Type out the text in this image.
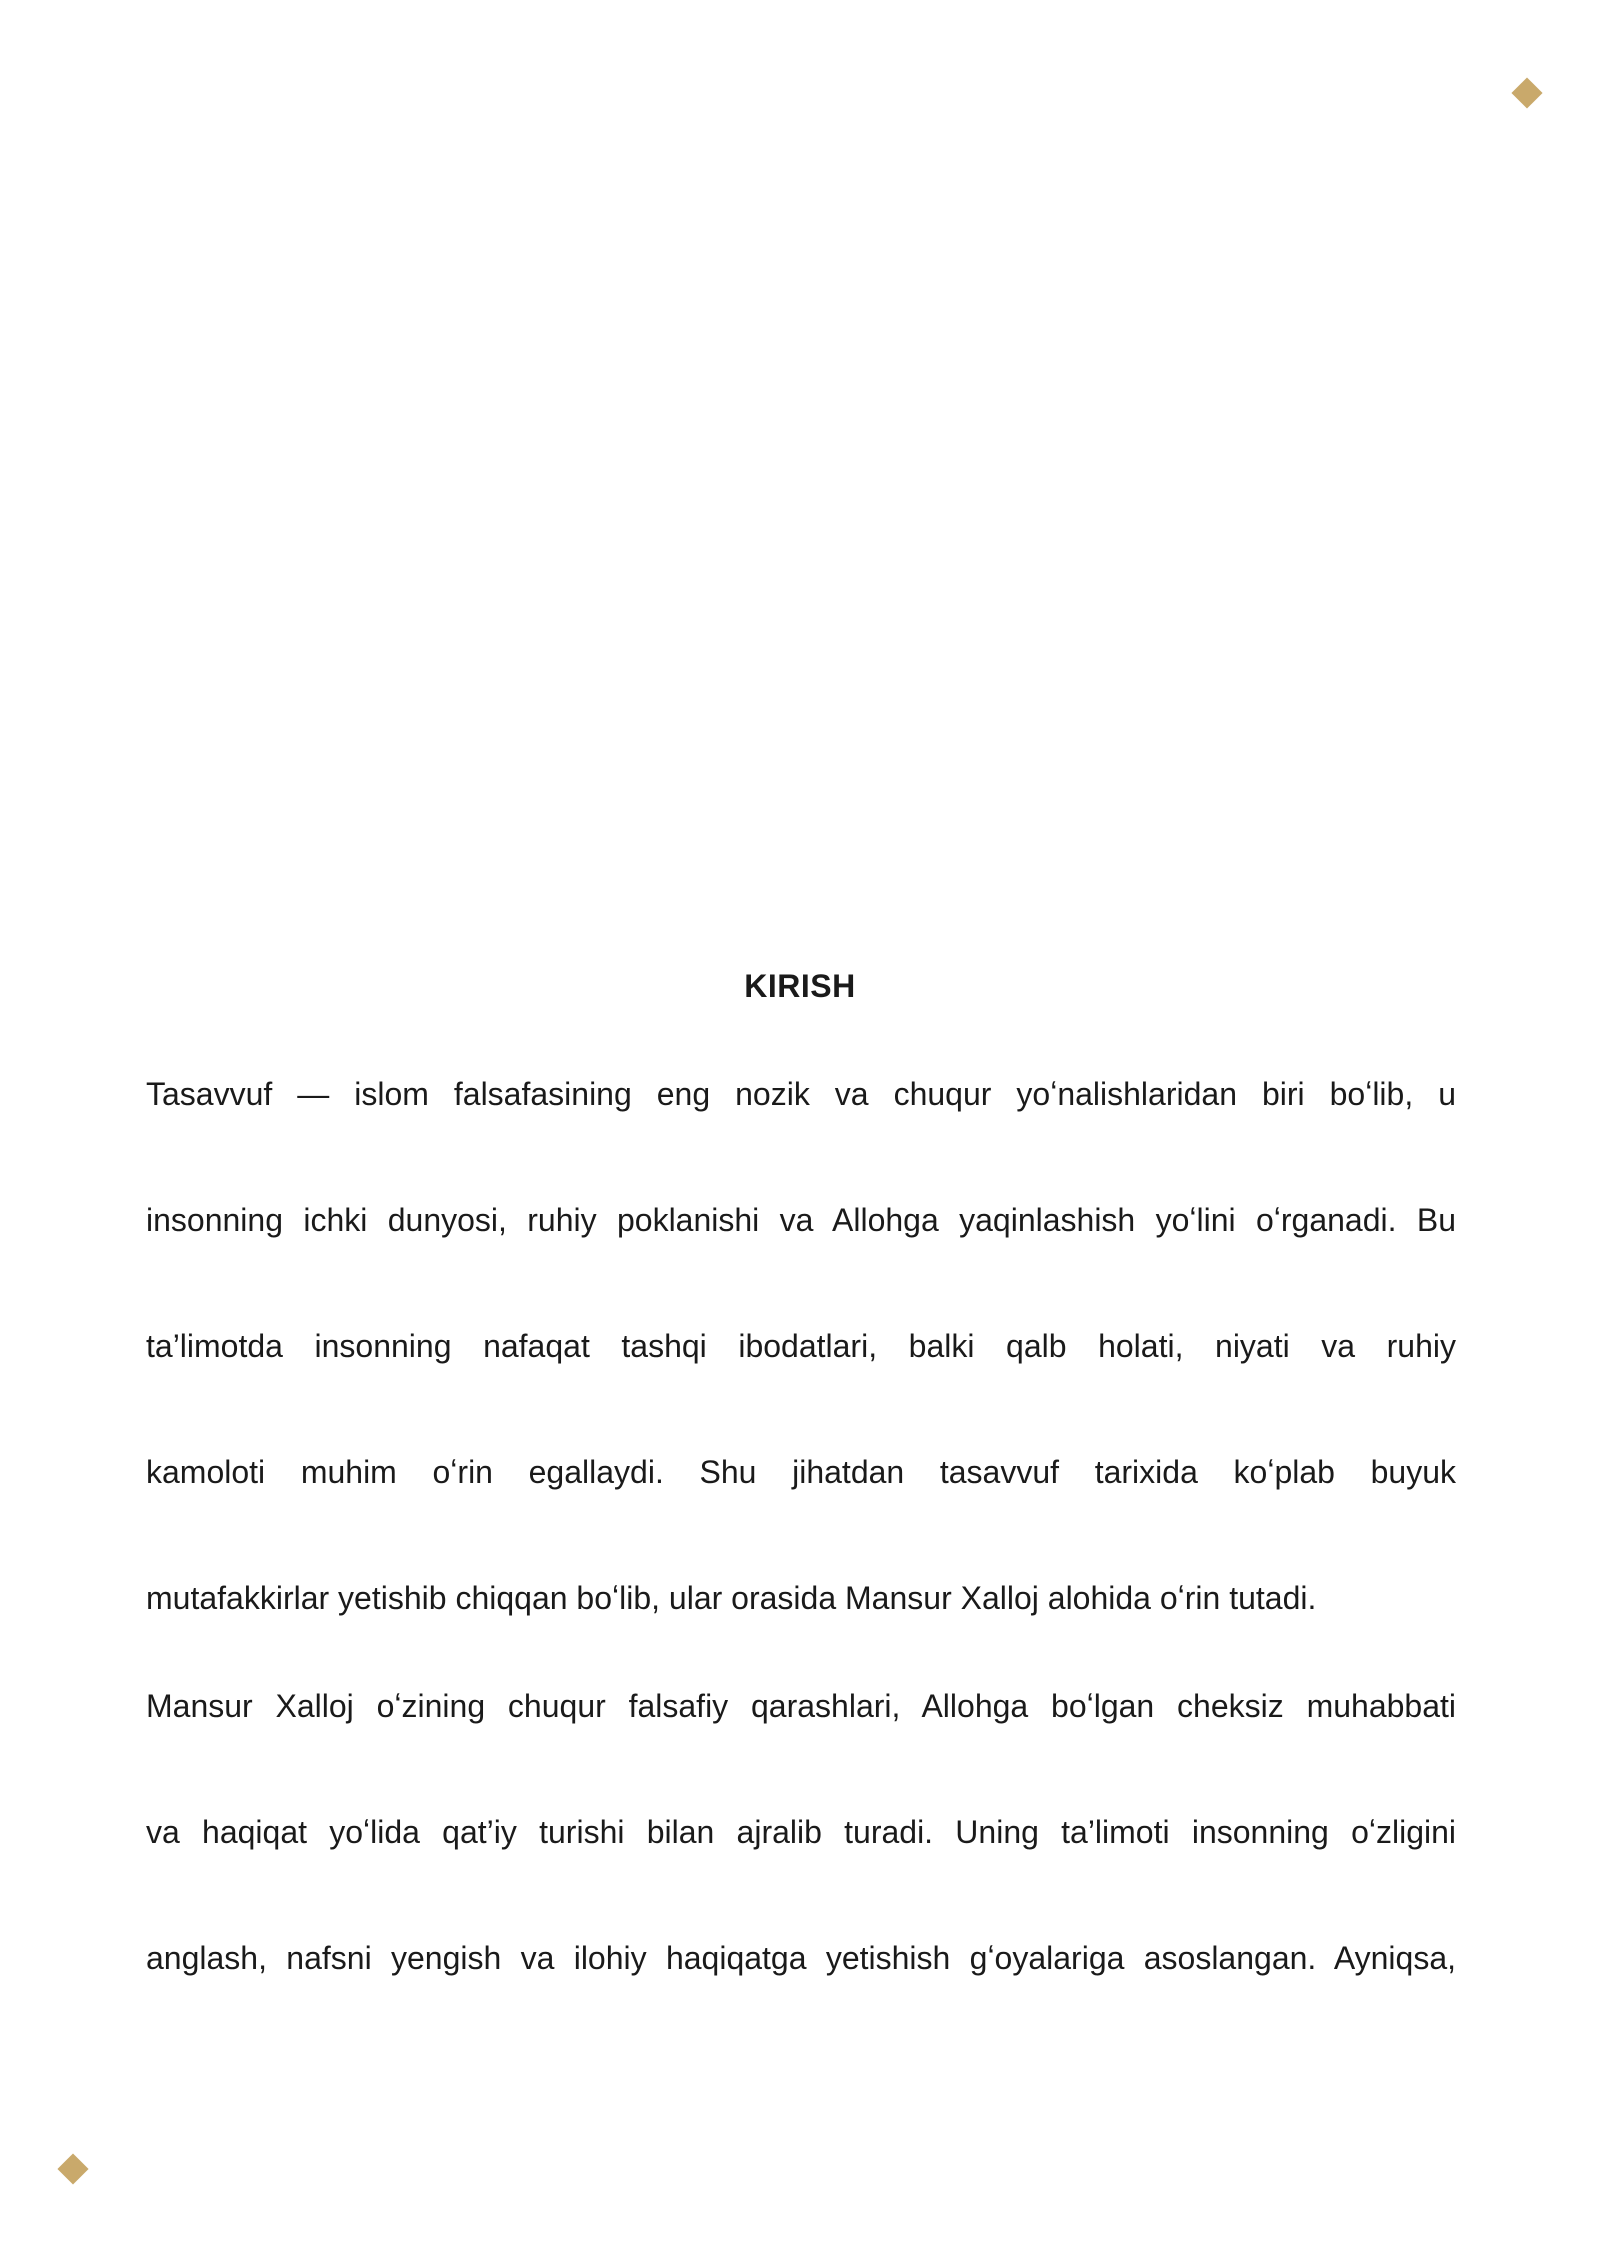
KIRISH

Tasavvuf — islom falsafasining eng nozik va chuqur yoʻnalishlaridan biri boʻlib, u

insonning ichki dunyosi, ruhiy poklanishi va Allohga yaqinlashish yoʻlini oʻrganadi. Bu

ta’limotda insonning nafaqat tashqi ibodatlari, balki qalb holati, niyati va ruhiy

kamoloti muhim oʻrin egallaydi. Shu jihatdan tasavvuf tarixida koʻplab buyuk

mutafakkirlar yetishib chiqqan boʻlib, ular orasida Mansur Xalloj alohida oʻrin tutadi.

Mansur Xalloj oʻzining chuqur falsafiy qarashlari, Allohga boʻlgan cheksiz muhabbati

va haqiqat yoʻlida qat’iy turishi bilan ajralib turadi. Uning ta’limoti insonning oʻzligini

anglash, nafsni yengish va ilohiy haqiqatga yetishish gʻoyalariga asoslangan. Ayniqsa,
